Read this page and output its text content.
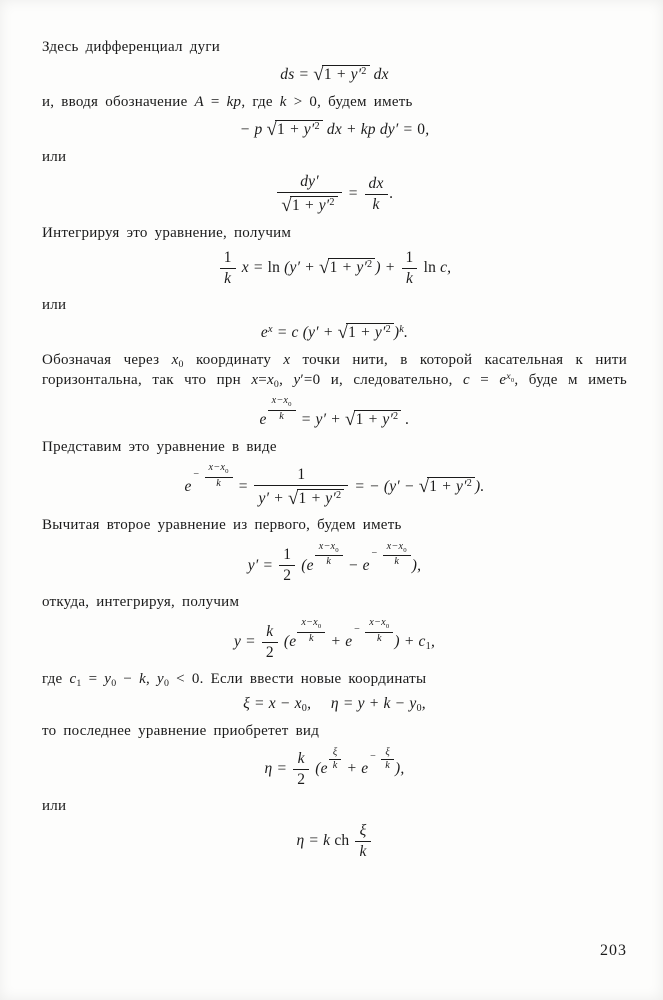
Здесь дифференциал дуги

ds = $√1 + y'^2$ dx

и, вводя обозначение A = kp, где k > 0, будем иметь

− p $√1 + y'^2$ dx + kp dy′ = 0,

или

$\frac{dy'}{√1 + y'^2} = \frac{dx}{k}$ .

Интегрируя это уравнение, получим

$\frac{1}{k}$ $x = \ln (y' + √1 + y'^2$ ) + $\frac{1}{k}$ ln c,

или

$e^x = c$ ($y' + √1 + y'^2$ )$^k$.

Обозначая через $x_0$ координату x точки нити, в которой касательная к нити горизонтальна, так что прн $x=x_0$, y′=0 и, следовательно, $c = e^{x_0}$, буде м иметь

e $^{\frac{x-x_0}{k}} = y' + √1 + y'^2$ .

Представим это уравнение в виде

$e^{- \frac{x-x_0}{k}} = \frac{1}{y' + √1 + y'^2}$ = − ($y' - √1 + y'^2$ ).

Вычитая второе уравнение из первого, будем иметь

$y' = \frac{1}{2} (e$ $^{\frac{x-x_0}{k}} - e^{- \frac{x-x_0}{k}}$ ),

откуда, интегрируя, получим

$y = \frac{k}{2} (e$ $^{\frac{x-x_0}{k}} + e^{- \frac{x-x_0}{k}}$ ) + c1,

где $c_1 = y_0 - k$, $y_0 < 0$. Если ввести новые координаты

ξ = x − x0,  η = y + k − y0,

то последнее уравнение приобретет вид

$\eta = \frac{k}{2} (e$ $^{\frac{\xi}{k}} + e^{- \frac{\xi}{k}}$ ),

или

η = k ch $\frac{\xi}{k}$
203
